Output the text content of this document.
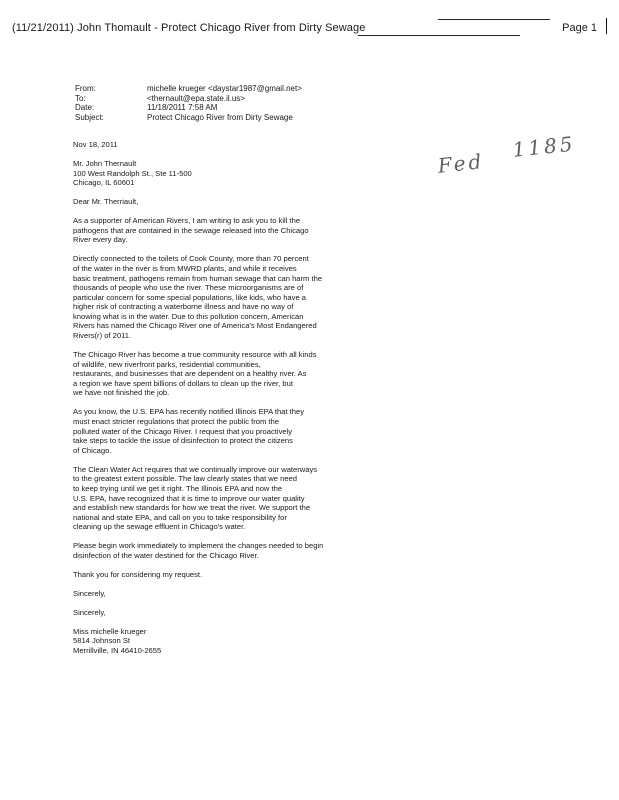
(11/21/2011) John Thomault - Protect Chicago River from Dirty Sewage	Page 1
From:	michelle krueger <daystar1987@gmail.net>
To:	<thernault@epa.state.il.us>
Date:	11/18/2011 7:58 AM
Subject:	Protect Chicago River from Dirty Sewage
Fed
1185

Nov 18, 2011

Mr. John Thernault
100 West Randolph St., Ste 11-500
Chicago, IL 60601

Dear Mr. Therriault,

As a supporter of American Rivers, I am writing to ask you to kill the
pathogens that are contained in the sewage released into the Chicago
River every day.

Directly connected to the toilets of Cook County, more than 70 percent
of the water in the river is from MWRD plants, and while it receives
basic treatment, pathogens remain from human sewage that can harm the
thousands of people who use the river. These microorganisms are of
particular concern for some special populations, like kids, who have a
higher risk of contracting a waterborne illness and have no way of
knowing what is in the water. Due to this pollution concern, American
Rivers has named the Chicago River one of America's Most Endangered
Rivers(r) of 2011.

The Chicago River has become a true community resource with all kinds
of wildlife, new riverfront parks, residential communities,
restaurants, and businesses that are dependent on a healthy river. As
a region we have spent billions of dollars to clean up the river, but
we have not finished the job.

As you know, the U.S. EPA has recently notified Illinois EPA that they
must enact stricter regulations that protect the public from the
polluted water of the Chicago River. I request that you proactively
take steps to tackle the issue of disinfection to protect the citizens
of Chicago.

The Clean Water Act requires that we continually improve our waterways
to the greatest extent possible. The law clearly states that we need
to keep trying until we get it right. The Illinois EPA and now the
U.S. EPA, have recognized that it is time to improve our water quality
and establish new standards for how we treat the river. We support the
national and state EPA, and call on you to take responsibility for
cleaning up the sewage effluent in Chicago's water.

Please begin work immediately to implement the changes needed to begin
disinfection of the water destined for the Chicago River.

Thank you for considering my request.

Sincerely,

Sincerely,

Miss michelle krueger
5814 Johnson St
Merrillville, IN 46410-2655
